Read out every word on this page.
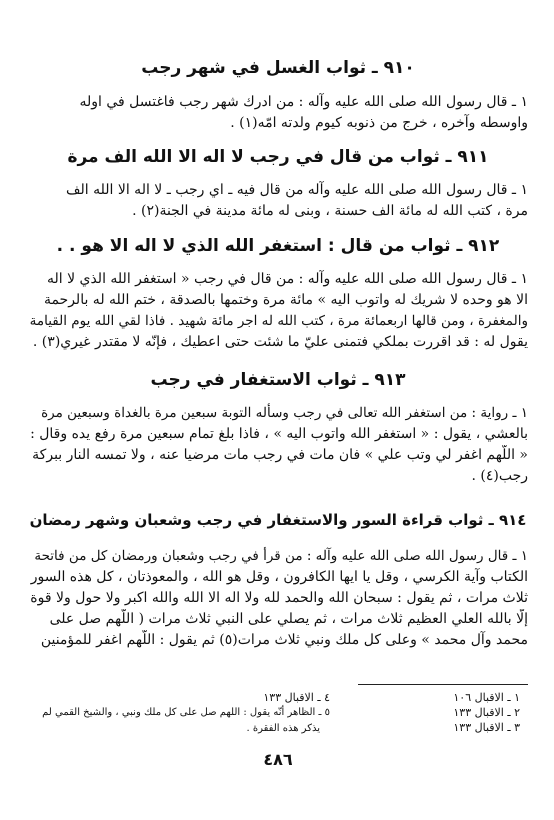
٩١٠ ـ ثواب الغسل في شهر رجب
١ ـ قال رسول الله صلى الله عليه وآله : من ادرك شهر رجب فاغتسل في اوله
واوسطه وآخره ، خرج من ذنوبه كيوم ولدته امّه(١) .
٩١١ ـ ثواب من قال في رجب لا اله الا الله الف مرة
١ ـ قال رسول الله صلى الله عليه وآله من قال فيه ـ اي رجب ـ لا اله الا الله الف
مرة ، كتب الله له مائة الف حسنة ، وبنى له مائة مدينة في الجنة(٢) .
٩١٢ ـ ثواب من قال : استغفر الله الذي لا اله الا هو . .
١ ـ قال رسول الله صلى الله عليه وآله : من قال في رجب « استغفر الله الذي لا اله
الا هو وحده لا شريك له واتوب اليه » مائة مرة وختمها بالصدقة ، ختم الله له بالرحمة
والمغفرة ، ومن قالها اربعمائة مرة ، كتب الله له اجر مائة شهيد . فاذا لقي الله يوم القيامة
يقول له : قد اقررت بملكي فتمنى عليّ ما شئت حتى اعطيك ، فإنّه لا مقتدر غيري(٣) .
٩١٣ ـ ثواب الاستغفار في رجب
١ ـ رواية : من استغفر الله تعالى في رجب وسأله التوبة سبعين مرة بالغداة وسبعين مرة
بالعشي ، يقول : « استغفر الله واتوب اليه » ، فاذا بلغ تمام سبعين مرة رفع يده وقال :
« اللّهم اغفر لي وتب علي » فان مات في رجب مات مرضيا عنه ، ولا تمسه النار ببركة
رجب(٤) .
٩١٤ ـ ثواب قراءة السور والاستغفار في رجب وشعبان وشهر رمضان
١ ـ قال رسول الله صلى الله عليه وآله : من قرأ في رجب وشعبان ورمضان كل من فاتحة
الكتاب وآية الكرسي ، وقل يا ايها الكافرون ، وقل هو الله ، والمعوذتان ، كل هذه السور
ثلاث مرات ، ثم يقول : سبحان الله والحمد لله ولا اله الا الله والله اكبر ولا حول ولا قوة
إلّا بالله العلي العظيم ثلاث مرات ، ثم يصلي على النبي ثلاث مرات ( اللّهم صل على
محمد وآل محمد » وعلى كل ملك ونبي ثلاث مرات(٥) ثم يقول : اللّهم اغفر للمؤمنين
١ ـ الاقبال ١٠٦
٢ ـ الاقبال ١٣٣
٣ ـ الاقبال ١٣٣
٤ ـ الاقبال ١٣٣
٥ ـ الظاهر أنّه يقول : اللهم صل على كل ملك ونبي ، والشيخ القمي لم
يذكر هذه الفقرة .
٤٨٦
